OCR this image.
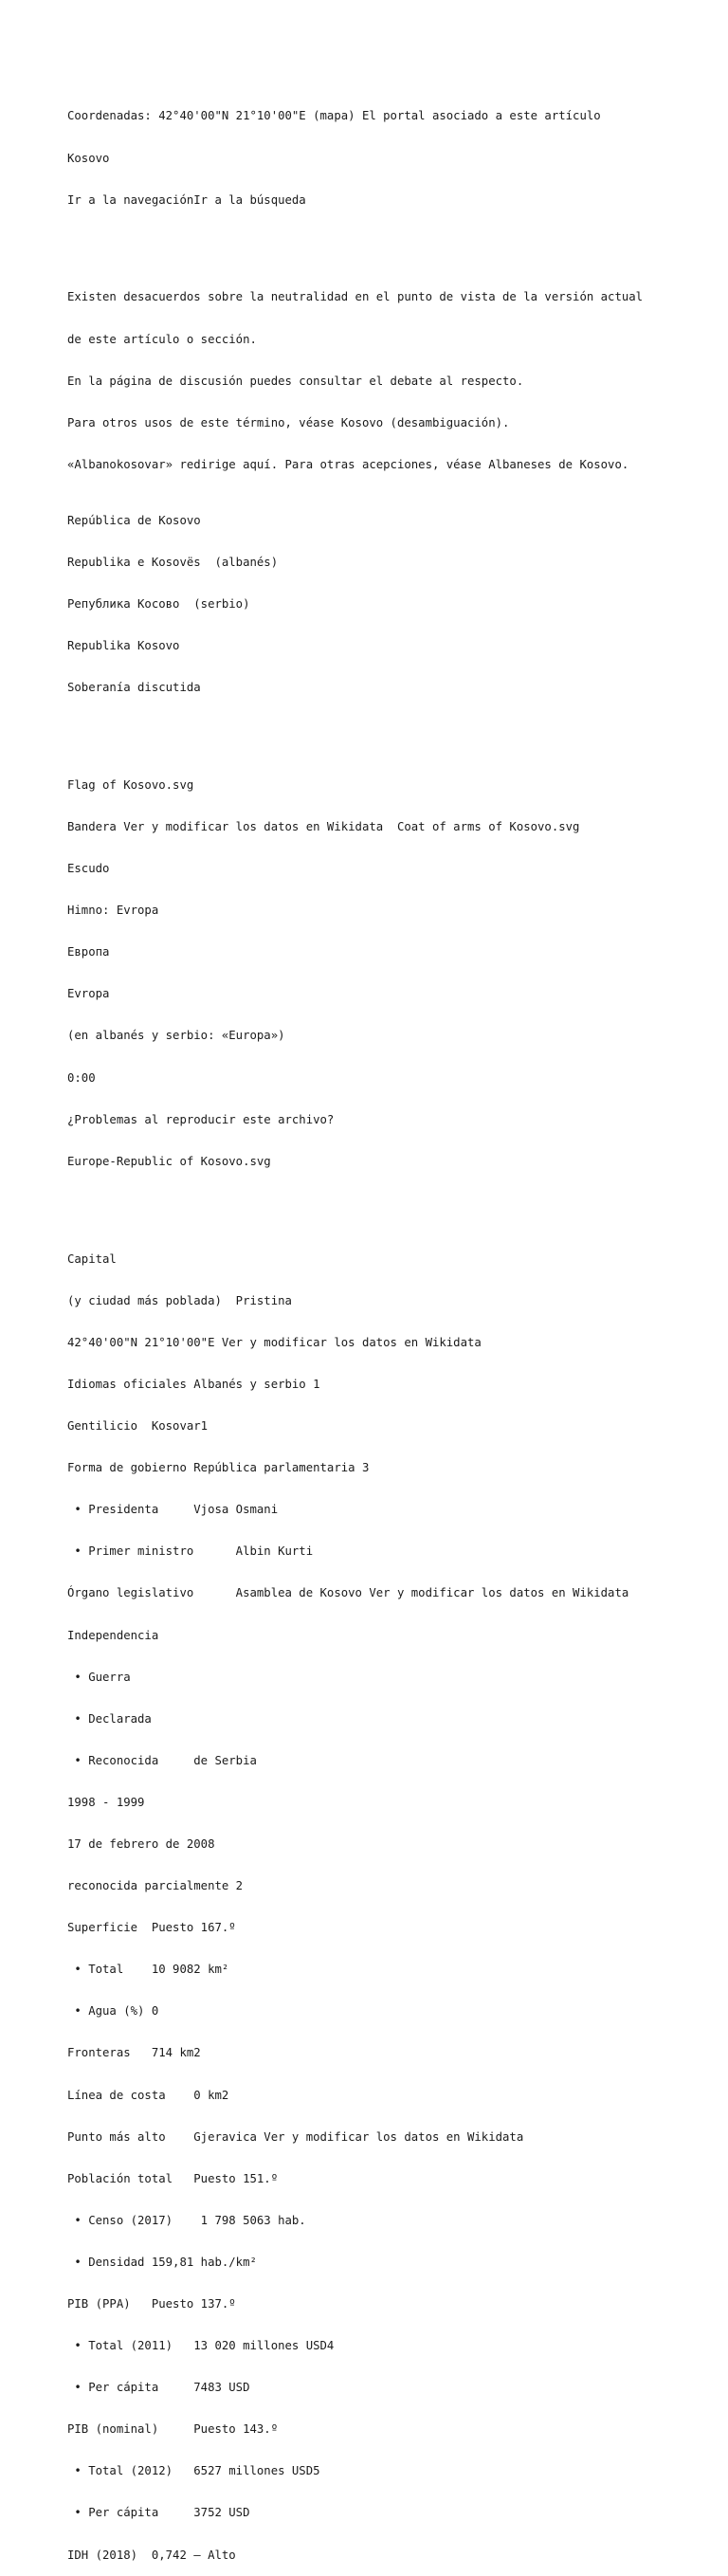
Coordenadas: 42°40'00"N 21°10'00"E (mapa) El portal asociado a este artículo

Kosovo

Ir a la navegaciónIr a la búsqueda

Existen desacuerdos sobre la neutralidad en el punto de vista de la versión actual

de este artículo o sección.

En la página de discusión puedes consultar el debate al respecto.

Para otros usos de este término, véase Kosovo (desambiguación).

«Albanokosovar» redirige aquí. Para otras acepciones, véase Albaneses de Kosovo.

República de Kosovo

Republika e Kosovës  (albanés)

Република Косово  (serbio)

Republika Kosovo

Soberanía discutida

Flag of Kosovo.svg

Bandera Ver y modificar los datos en Wikidata  Coat of arms of Kosovo.svg

Escudo

Himno: Evropa

Европа

Evropa

(en albanés y serbio: «Europa»)

0:00

¿Problemas al reproducir este archivo?

Europe-Republic of Kosovo.svg

Capital

(y ciudad más poblada)  Pristina

42°40'00"N 21°10'00"E Ver y modificar los datos en Wikidata

Idiomas oficiales Albanés y serbio 1

Gentilicio  Kosovar1

Forma de gobierno República parlamentaria 3

• Presidenta     Vjosa Osmani

• Primer ministro      Albin Kurti

Órgano legislativo      Asamblea de Kosovo Ver y modificar los datos en Wikidata

Independencia

• Guerra

• Declarada

• Reconocida     de Serbia

1998 - 1999

17 de febrero de 2008

reconocida parcialmente 2

Superficie  Puesto 167.º

• Total    10 9082 km²

• Agua (%) 0

Fronteras   714 km2

Línea de costa    0 km2

Punto más alto    Gjeravica Ver y modificar los datos en Wikidata

Población total   Puesto 151.º

• Censo (2017)    1 798 5063 hab.

• Densidad 159,81 hab./km²

PIB (PPA)   Puesto 137.º

• Total (2011)   13 020 millones USD4

• Per cápita     7483 USD

PIB (nominal)     Puesto 143.º

• Total (2012)   6527 millones USD5

• Per cápita     3752 USD

IDH (2018)  0,742 – Alto
